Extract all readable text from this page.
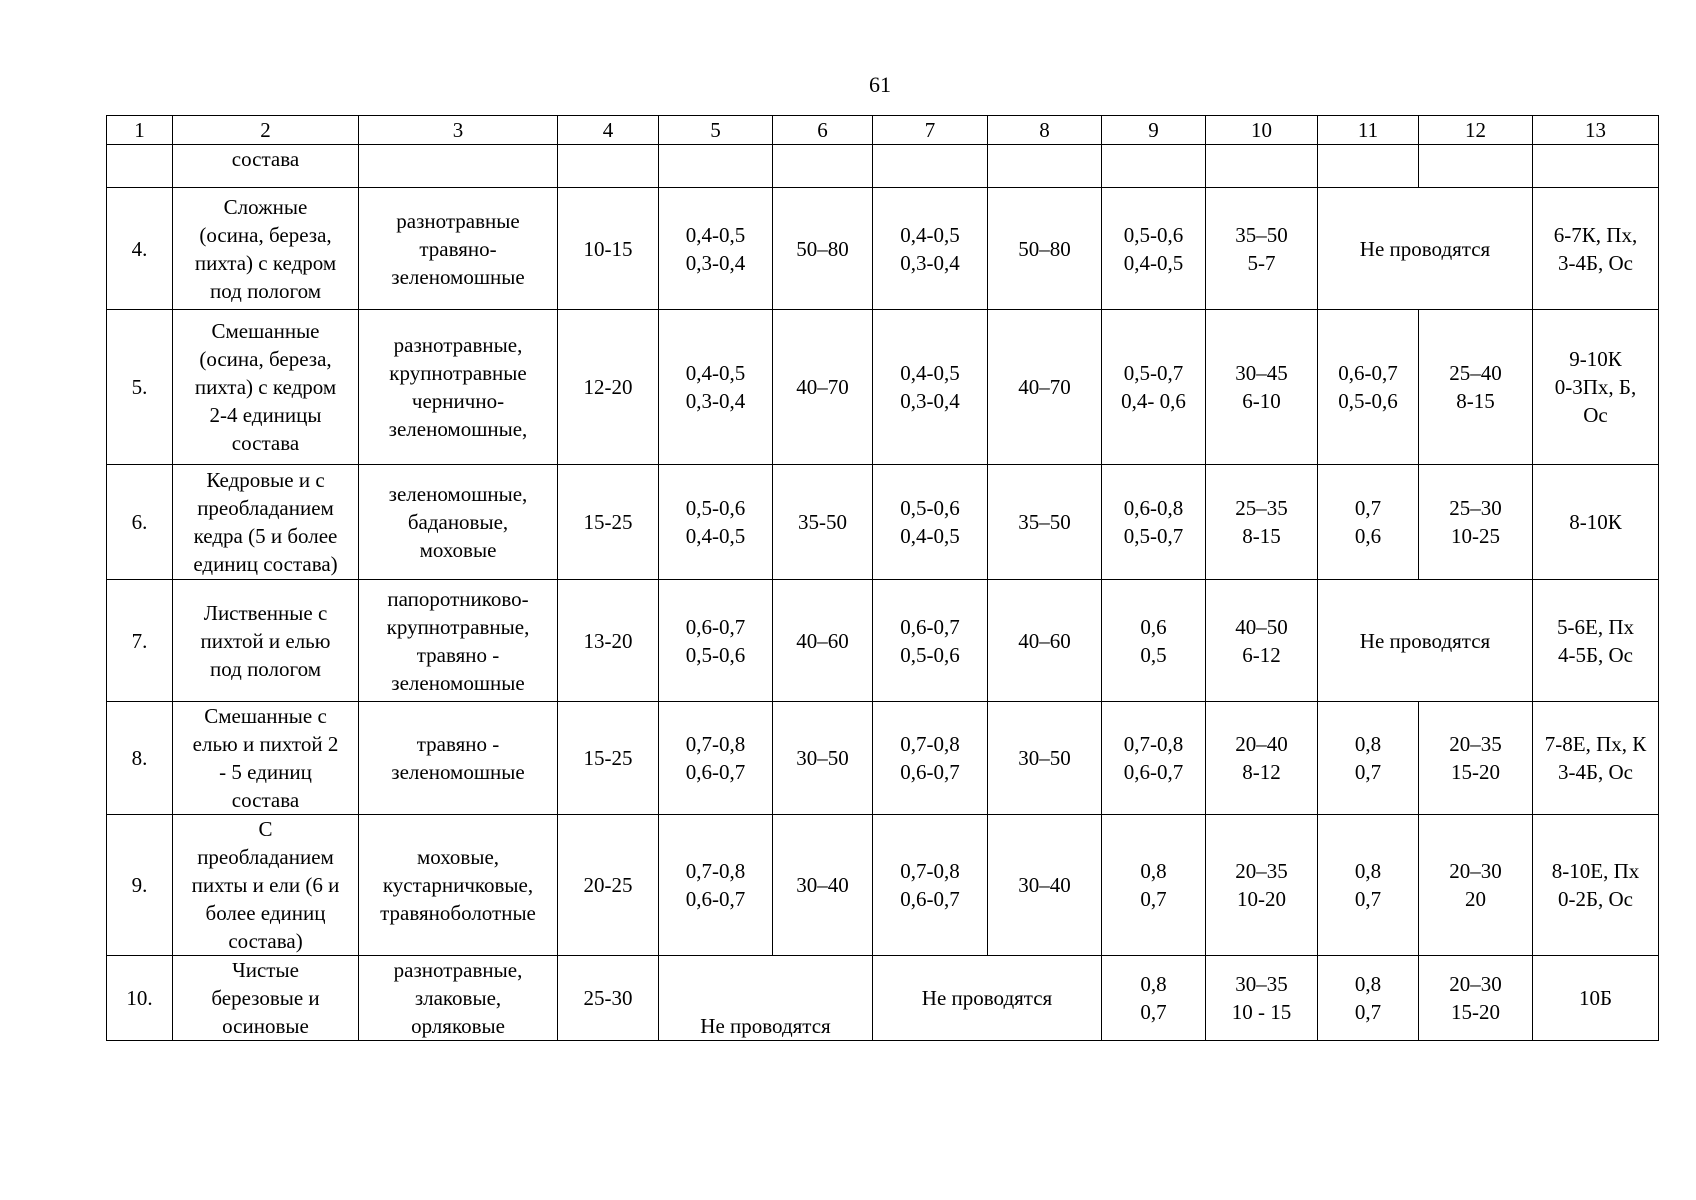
61
1	2	3	4	5	6	7	8	9	10	11	12	13
	состава											
4.	Сложные
(осина, береза,
пихта) с кедром
под пологом	разнотравные
травяно-
зеленомошные	10-15	0,4-0,5
0,3-0,4	50–80	0,4-0,5
0,3-0,4	50–80	0,5-0,6
0,4-0,5	35–50
5-7	Не проводятся		6-7К, Пх,
3-4Б, Ос

5.	Смешанные
(осина, береза,
пихта) с кедром
2-4 единицы
состава	разнотравные,
крупнотравные
чернично-
зеленомошные,	12-20	0,4-0,5
0,3-0,4	40–70	0,4-0,5
0,3-0,4	40–70	0,5-0,7
0,4- 0,6	30–45
6-10	0,6-0,7
0,5-0,6	25–40
8-15	9-10К
0-3Пх, Б,
Ос

6.	Кедровые и с
преобладанием
кедра (5 и более
единиц состава)	зеленомошные,
бадановые,
моховые	15-25	0,5-0,6
0,4-0,5	35-50	0,5-0,6
0,4-0,5	35–50	0,6-0,8
0,5-0,7	25–35
8-15	0,7
0,6	25–30
10-25	8-10К

7.	Лиственные с
пихтой и елью
под пологом	папоротниково-
крупнотравные,
травяно -
зеленомошные	13-20	0,6-0,7
0,5-0,6	40–60	0,6-0,7
0,5-0,6	40–60	0,6
0,5	40–50
6-12	Не проводятся		5-6Е, Пх
4-5Б, Ос

8.	Смешанные с
елью и пихтой 2
- 5 единиц
состава	травяно -
зеленомошные	15-25	0,7-0,8
0,6-0,7	30–50	0,7-0,8
0,6-0,7	30–50	0,7-0,8
0,6-0,7	20–40
8-12	0,8
0,7	20–35
15-20	7-8Е, Пх, К
3-4Б, Ос

9.	С
преобладанием
пихты и ели (6 и
более единиц
состава)	моховые,
кустарничковые,
травяноболотные	20-25	0,7-0,8
0,6-0,7	30–40	0,7-0,8
0,6-0,7	30–40	0,8
0,7	20–35
10-20	0,8
0,7	20–30
20	8-10Е, Пх
0-2Б, Ос

10.	Чистые
березовые и
осиновые	разнотравные,
злаковые,
орляковые	25-30	Не проводятся		Не проводятся		0,8
0,7	30–35
10 - 15	0,8
0,7	20–30
15-20	10Б
